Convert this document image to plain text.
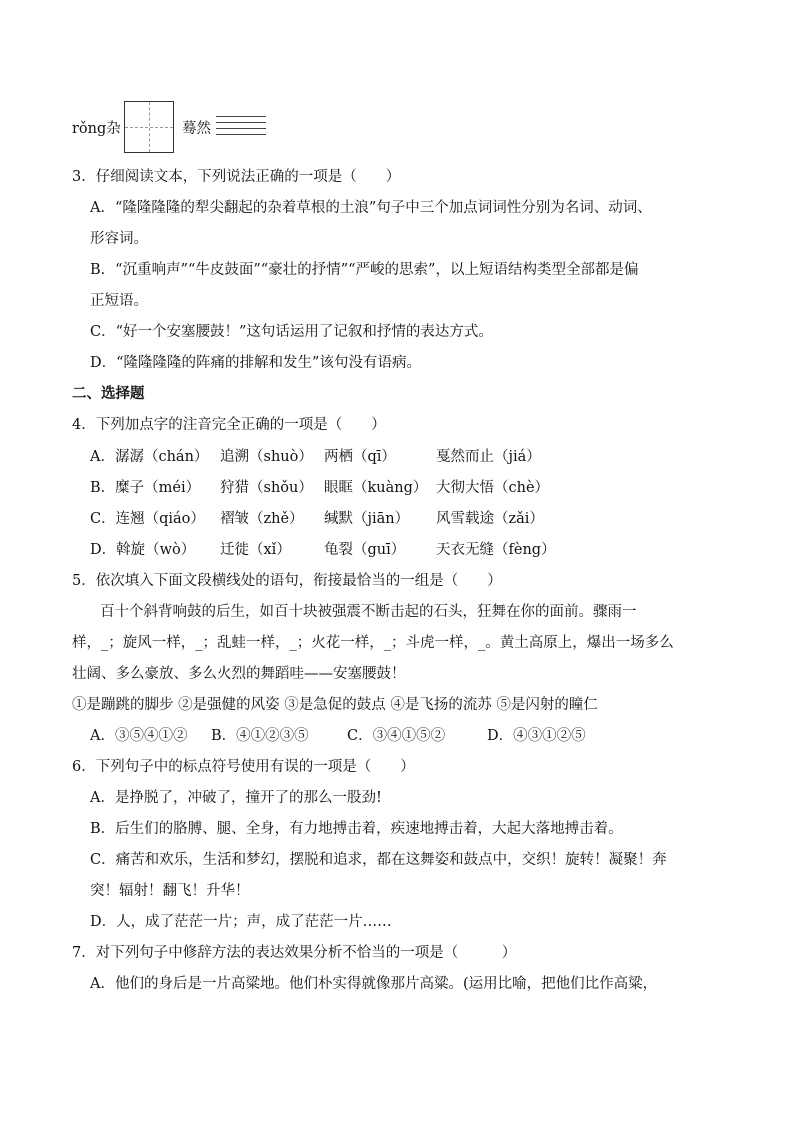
rǒng杂	蓦然
3．仔细阅读文本，下列说法正确的一项是（　　）
A．“隆隆隆隆的犁尖翻起的杂着草根的土浪”句子中三个加点词词性分别为名词、动词、
形容词。
B．“沉重响声”“牛皮鼓面”“豪壮的抒情”“严峻的思索”，以上短语结构类型全部都是偏
正短语。
C．“好一个安塞腰鼓！”这句话运用了记叙和抒情的表达方式。
D．“隆隆隆隆的阵痛的排解和发生”该句没有语病。
二、选择题
4．下列加点字的注音完全正确的一项是（　　）
A．潺潺（chán） 追溯（shuò） 两栖（qī）	戛然而止（jiá）
B．糜子（méi） 狩猎（shǒu） 眼眶（kuàng） 大彻大悟（chè）
C．连翘（qiáo） 褶皱（zhě） 缄默（jiān） 风雪载途（zǎi）
D．斡旋（wò） 迁徙（xǐ） 龟裂（guī） 天衣无缝（fèng）
5．依次填入下面文段横线处的语句，衔接最恰当的一组是（　　）
百十个斜背响鼓的后生，如百十块被强震不断击起的石头，狂舞在你的面前。骤雨一
样，_；旋风一样，_；乱蛙一样，_；火花一样，_；斗虎一样，_。黄土高原上，爆出一场多么
壮阔、多么豪放、多么火烈的舞蹈哇——安塞腰鼓！
①是蹦跳的脚步 ②是强健的风姿 ③是急促的鼓点 ④是飞扬的流苏 ⑤是闪射的瞳仁
A．③⑤④①② B．④①②③⑤	C．③④①⑤②	D．④③①②⑤
6．下列句子中的标点符号使用有误的一项是（　　）
A．是挣脱了，冲破了，撞开了的那么一股劲!
B．后生们的胳膊、腿、全身，有力地搏击着，疾速地搏击着，大起大落地搏击着。
C．痛苦和欢乐，生活和梦幻，摆脱和追求，都在这舞姿和鼓点中，交织！旋转！凝聚！奔
突！辐射！翻飞！升华！
D．人，成了茫茫一片；声，成了茫茫一片……
7．对下列句子中修辞方法的表达效果分析不恰当的一项是（　　　）
A．他们的身后是一片高粱地。他们朴实得就像那片高粱。(运用比喻，把他们比作高粱，
